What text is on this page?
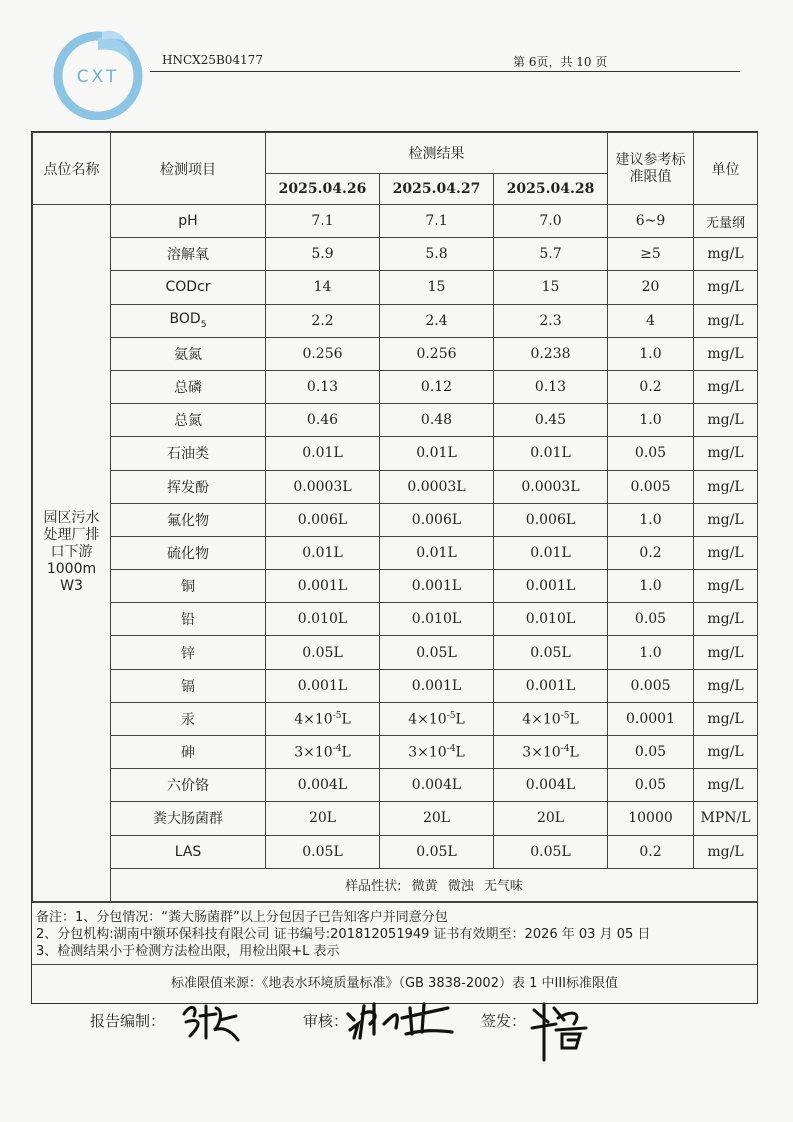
CXT
HNCX25B04177	第 6页，共 10 页
点位名称	检测项目	检测结果			建议参考标准限值	单位
		2025.04.26	2025.04.27	2025.04.28		

园区污水
处理厂排
口下游
1000m
W3	pH	7.1	7.1	7.0	6~9	无量纲
	溶解氧	5.9	5.8	5.7	≥5	mg/L
	CODcr	14	15	15	20	mg/L
	$BOD_5$	2.2	2.4	2.3	4	mg/L
	氨氮	0.256	0.256	0.238	1.0	mg/L
	总磷	0.13	0.12	0.13	0.2	mg/L
	总氮	0.46	0.48	0.45	1.0	mg/L
	石油类	0.01L	0.01L	0.01L	0.05	mg/L
	挥发酚	0.0003L	0.0003L	0.0003L	0.005	mg/L
	氟化物	0.006L	0.006L	0.006L	1.0	mg/L
	硫化物	0.01L	0.01L	0.01L	0.2	mg/L
	铜	0.001L	0.001L	0.001L	1.0	mg/L
	铅	0.010L	0.010L	0.010L	0.05	mg/L
	锌	0.05L	0.05L	0.05L	1.0	mg/L
	镉	0.001L	0.001L	0.001L	0.005	mg/L
	汞	$4\times 10^{-5}L$	$4\times 10^{-5}L$	$4\times 10^{-5}L$	0.0001	mg/L
	砷	$3\times 10^{-4}L$	$3\times 10^{-4}L$	$3\times 10^{-4}L$	0.05	mg/L
	六价铬	0.004L	0.004L	0.004L	0.05	mg/L
	粪大肠菌群	20L	20L	20L	10000	MPN/L
	LAS	0.05L	0.05L	0.05L	0.2	mg/L
	样品性状: 微黄 微浊 无气味					
备注：1、分包情况：“粪大肠菌群”以上分包因子已告知客户并同意分包
2、分包机构:湖南中额环保科技有限公司 证书编号:201812051949 证书有效期至：2026 年 03 月 05 日
3、检测结果小于检测方法检出限，用检出限+L 表示
标准限值来源：《地表水环境质量标准》（GB 3838-2002）表 1 中III标准限值
报告编制：	审核：	签发：
